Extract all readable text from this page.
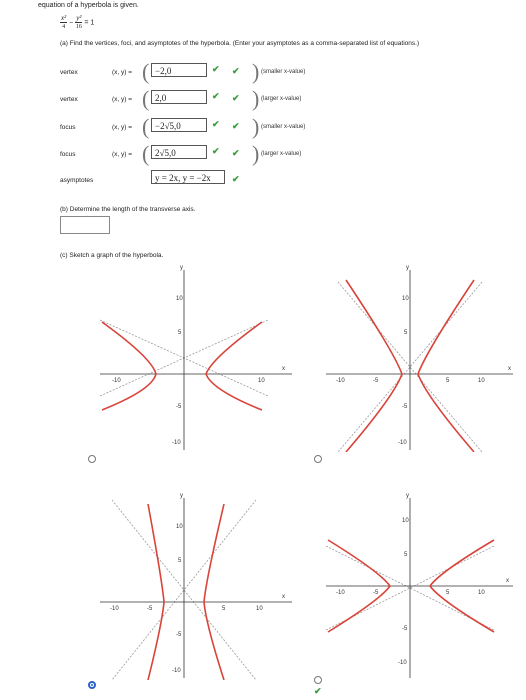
equation of a hyperbola is given.
$\frac{\text{x²}}{4} - \frac{\text{y²}}{16} = 1$
(a) Find the vertices, foci, and asymptotes of the hyperbola. (Enter your asymptotes as a comma-separated list of equations.)
vertex	(x, y) = ( −2,0	✔ ✔ ) (smaller x-value)
vertex	(x, y) = ( 2,0	✔ ✔ ) (larger x-value)
focus	(x, y) = ( −2√5,0	✔ ✔ ) (smaller x-value)
focus	(x, y) = ( 2√5,0	✔ ✔ ) (larger x-value)
asymptotes	y = 2x, y = −2x	✔
(b) Determine the length of the transverse axis.
(c) Sketch a graph of the hyperbola.
y
x
10
5
-5
-10
-10	10
y
x
-10	-5	5	10
10
5
-5
-10
y
x
-10	-5	5	10
10
5
-5
-10
y
x
-10	-5	5	10
10
5
-5
-10
✔
